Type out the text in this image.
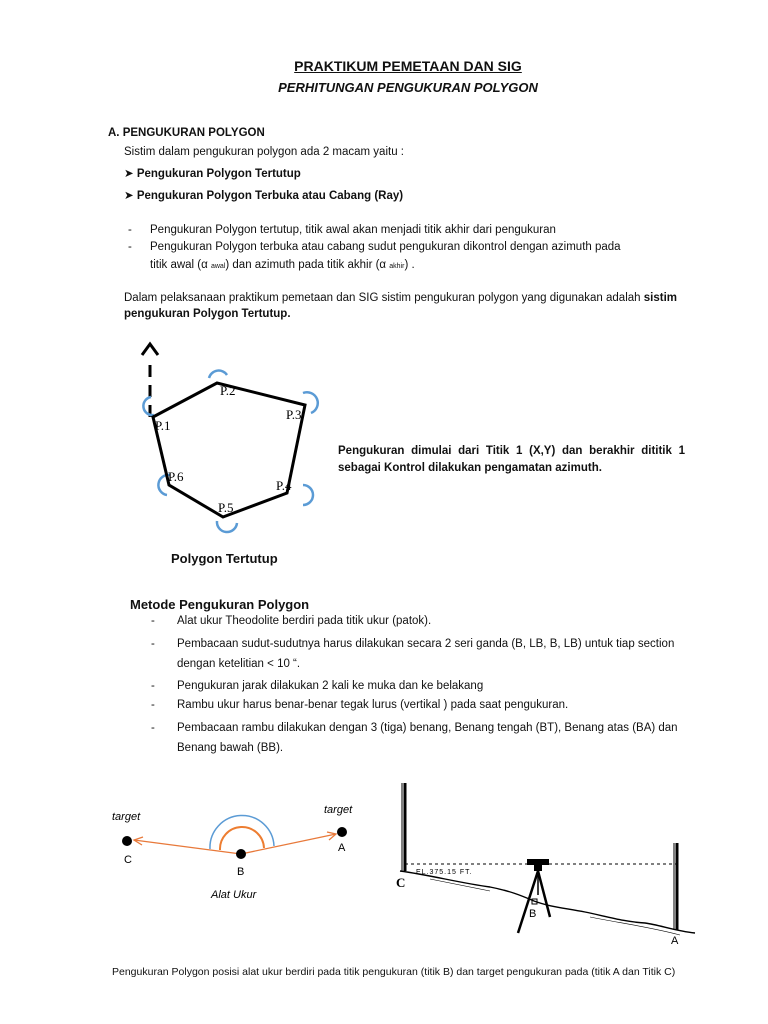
PRAKTIKUM PEMETAAN DAN SIG
PERHITUNGAN PENGUKURAN POLYGON
A. PENGUKURAN POLYGON
Sistim dalam pengukuran polygon ada 2 macam yaitu :
➤ Pengukuran Polygon Tertutup
➤ Pengukuran Polygon Terbuka atau Cabang (Ray)
- Pengukuran Polygon tertutup, titik awal akan menjadi titik akhir dari pengukuran
- Pengukuran Polygon terbuka atau cabang sudut pengukuran dikontrol dengan azimuth pada
titik awal (α awal) dan azimuth pada titik akhir (α akhir) .
Dalam pelaksanaan praktikum pemetaan dan SIG sistim pengukuran polygon yang digunakan adalah sistim
pengukuran Polygon Tertutup.
P.1
P.2
P.3
P.4
P.5
P.6
Pengukuran dimulai dari Titik 1 (X,Y) dan berakhir dititik 1 sebagai Kontrol dilakukan pengamatan azimuth.
Polygon Tertutup
Metode Pengukuran Polygon
- Alat ukur Theodolite berdiri pada titik ukur (patok).
- Pembacaan sudut-sudutnya harus dilakukan secara 2 seri ganda (B, LB, B, LB) untuk tiap section
dengan ketelitian < 10 “.
- Pengukuran jarak dilakukan 2 kali ke muka dan ke belakang
- Rambu ukur harus benar-benar tegak lurus (vertikal ) pada saat pengukuran.
- Pembacaan rambu dilakukan dengan 3 (tiga) benang, Benang tengah (BT), Benang atas (BA) dan
Benang bawah (BB).
target
target
C
B
A
Alat Ukur
EL.375.15 FT.
C
B
A
Pengukuran Polygon posisi alat ukur berdiri pada titik pengukuran (titik B) dan target pengukuran pada (titik A dan Titik C)
